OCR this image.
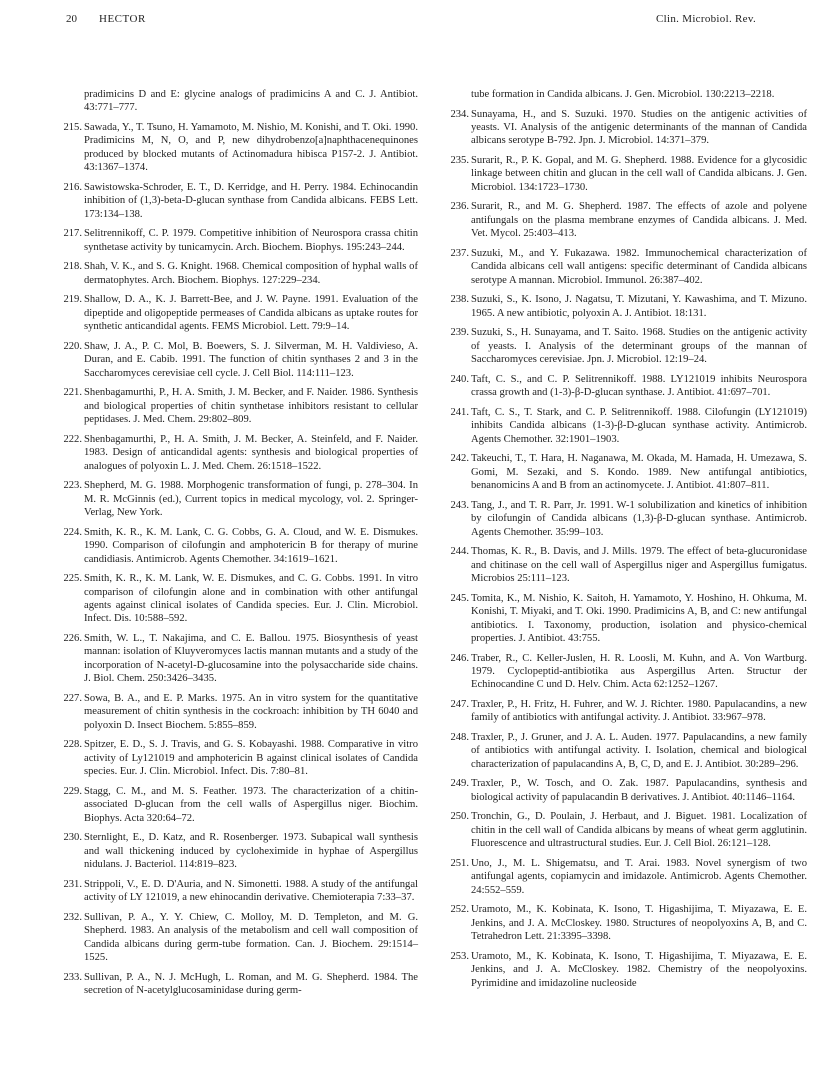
20 HECTOR	Clin. Microbiol. Rev.
pradimicins D and E: glycine analogs of pradimicins A and C. J. Antibiot. 43:771–777.
215. Sawada, Y., T. Tsuno, H. Yamamoto, M. Nishio, M. Konishi, and T. Oki. 1990. Pradimicins M, N, O, and P, new dihydrobenzo[a]naphthacenequinones produced by blocked mutants of Actinomadura hibisca P157-2. J. Antibiot. 43:1367–1374.
216. Sawistowska-Schroder, E. T., D. Kerridge, and H. Perry. 1984. Echinocandin inhibition of (1,3)-beta-D-glucan synthase from Candida albicans. FEBS Lett. 173:134–138.
217. Selitrennikoff, C. P. 1979. Competitive inhibition of Neurospora crassa chitin synthetase activity by tunicamycin. Arch. Biochem. Biophys. 195:243–244.
218. Shah, V. K., and S. G. Knight. 1968. Chemical composition of hyphal walls of dermatophytes. Arch. Biochem. Biophys. 127:229–234.
219. Shallow, D. A., K. J. Barrett-Bee, and J. W. Payne. 1991. Evaluation of the dipeptide and oligopeptide permeases of Candida albicans as uptake routes for synthetic anticandidal agents. FEMS Microbiol. Lett. 79:9–14.
220. Shaw, J. A., P. C. Mol, B. Boewers, S. J. Silverman, M. H. Valdivieso, A. Duran, and E. Cabib. 1991. The function of chitin synthases 2 and 3 in the Saccharomyces cerevisiae cell cycle. J. Cell Biol. 114:111–123.
221. Shenbagamurthi, P., H. A. Smith, J. M. Becker, and F. Naider. 1986. Synthesis and biological properties of chitin synthetase inhibitors resistant to cellular peptidases. J. Med. Chem. 29:802–809.
222. Shenbagamurthi, P., H. A. Smith, J. M. Becker, A. Steinfeld, and F. Naider. 1983. Design of anticandidal agents: synthesis and biological properties of analogues of polyoxin L. J. Med. Chem. 26:1518–1522.
223. Shepherd, M. G. 1988. Morphogenic transformation of fungi, p. 278–304. In M. R. McGinnis (ed.), Current topics in medical mycology, vol. 2. Springer-Verlag, New York.
224. Smith, K. R., K. M. Lank, C. G. Cobbs, G. A. Cloud, and W. E. Dismukes. 1990. Comparison of cilofungin and amphotericin B for therapy of murine candidiasis. Antimicrob. Agents Chemother. 34:1619–1621.
225. Smith, K. R., K. M. Lank, W. E. Dismukes, and C. G. Cobbs. 1991. In vitro comparison of cilofungin alone and in combination with other antifungal agents against clinical isolates of Candida species. Eur. J. Clin. Microbiol. Infect. Dis. 10:588–592.
226. Smith, W. L., T. Nakajima, and C. E. Ballou. 1975. Biosynthesis of yeast mannan: isolation of Kluyveromyces lactis mannan mutants and a study of the incorporation of N-acetyl-D-glucosamine into the polysaccharide side chains. J. Biol. Chem. 250:3426–3435.
227. Sowa, B. A., and E. P. Marks. 1975. An in vitro system for the quantitative measurement of chitin synthesis in the cockroach: inhibition by TH 6040 and polyoxin D. Insect Biochem. 5:855–859.
228. Spitzer, E. D., S. J. Travis, and G. S. Kobayashi. 1988. Comparative in vitro activity of Ly121019 and amphotericin B against clinical isolates of Candida species. Eur. J. Clin. Microbiol. Infect. Dis. 7:80–81.
229. Stagg, C. M., and M. S. Feather. 1973. The characterization of a chitin-associated D-glucan from the cell walls of Aspergillus niger. Biochim. Biophys. Acta 320:64–72.
230. Sternlight, E., D. Katz, and R. Rosenberger. 1973. Subapical wall synthesis and wall thickening induced by cycloheximide in hyphae of Aspergillus nidulans. J. Bacteriol. 114:819–823.
231. Strippoli, V., E. D. D'Auria, and N. Simonetti. 1988. A study of the antifungal activity of LY 121019, a new ehinocandin derivative. Chemioterapia 7:33–37.
232. Sullivan, P. A., Y. Y. Chiew, C. Molloy, M. D. Templeton, and M. G. Shepherd. 1983. An analysis of the metabolism and cell wall composition of Candida albicans during germ-tube formation. Can. J. Biochem. 29:1514–1525.
233. Sullivan, P. A., N. J. McHugh, L. Roman, and M. G. Shepherd. 1984. The secretion of N-acetylglucosaminidase during germ-
tube formation in Candida albicans. J. Gen. Microbiol. 130:2213–2218.
234. Sunayama, H., and S. Suzuki. 1970. Studies on the antigenic activities of yeasts. VI. Analysis of the antigenic determinants of the mannan of Candida albicans serotype B-792. Jpn. J. Microbiol. 14:371–379.
235. Surarit, R., P. K. Gopal, and M. G. Shepherd. 1988. Evidence for a glycosidic linkage between chitin and glucan in the cell wall of Candida albicans. J. Gen. Microbiol. 134:1723–1730.
236. Surarit, R., and M. G. Shepherd. 1987. The effects of azole and polyene antifungals on the plasma membrane enzymes of Candida albicans. J. Med. Vet. Mycol. 25:403–413.
237. Suzuki, M., and Y. Fukazawa. 1982. Immunochemical characterization of Candida albicans cell wall antigens: specific determinant of Candida albicans serotype A mannan. Microbiol. Immunol. 26:387–402.
238. Suzuki, S., K. Isono, J. Nagatsu, T. Mizutani, Y. Kawashima, and T. Mizuno. 1965. A new antibiotic, polyoxin A. J. Antibiot. 18:131.
239. Suzuki, S., H. Sunayama, and T. Saito. 1968. Studies on the antigenic activity of yeasts. I. Analysis of the determinant groups of the mannan of Saccharomyces cerevisiae. Jpn. J. Microbiol. 12:19–24.
240. Taft, C. S., and C. P. Selitrennikoff. 1988. LY121019 inhibits Neurospora crassa growth and (1-3)-β-D-glucan synthase. J. Antibiot. 41:697–701.
241. Taft, C. S., T. Stark, and C. P. Selitrennikoff. 1988. Cilofungin (LY121019) inhibits Candida albicans (1-3)-β-D-glucan synthase activity. Antimicrob. Agents Chemother. 32:1901–1903.
242. Takeuchi, T., T. Hara, H. Naganawa, M. Okada, M. Hamada, H. Umezawa, S. Gomi, M. Sezaki, and S. Kondo. 1989. New antifungal antibiotics, benanomicins A and B from an actinomycete. J. Antibiot. 41:807–811.
243. Tang, J., and T. R. Parr, Jr. 1991. W-1 solubilization and kinetics of inhibition by cilofungin of Candida albicans (1,3)-β-D-glucan synthase. Antimicrob. Agents Chemother. 35:99–103.
244. Thomas, K. R., B. Davis, and J. Mills. 1979. The effect of beta-glucuronidase and chitinase on the cell wall of Aspergillus niger and Aspergillus fumigatus. Microbios 25:111–123.
245. Tomita, K., M. Nishio, K. Saitoh, H. Yamamoto, Y. Hoshino, H. Ohkuma, M. Konishi, T. Miyaki, and T. Oki. 1990. Pradimicins A, B, and C: new antifungal antibiotics. I. Taxonomy, production, isolation and physico-chemical properties. J. Antibiot. 43:755.
246. Traber, R., C. Keller-Juslen, H. R. Loosli, M. Kuhn, and A. Von Wartburg. 1979. Cyclopeptid-antibiotika aus Aspergillus Arten. Structur der Echinocandine C und D. Helv. Chim. Acta 62:1252–1267.
247. Traxler, P., H. Fritz, H. Fuhrer, and W. J. Richter. 1980. Papulacandins, a new family of antibiotics with antifungal activity. J. Antibiot. 33:967–978.
248. Traxler, P., J. Gruner, and J. A. L. Auden. 1977. Papulacandins, a new family of antibiotics with antifungal activity. I. Isolation, chemical and biological characterization of papulacandins A, B, C, D, and E. J. Antibiot. 30:289–296.
249. Traxler, P., W. Tosch, and O. Zak. 1987. Papulacandins, synthesis and biological activity of papulacandin B derivatives. J. Antibiot. 40:1146–1164.
250. Tronchin, G., D. Poulain, J. Herbaut, and J. Biguet. 1981. Localization of chitin in the cell wall of Candida albicans by means of wheat germ agglutinin. Fluorescence and ultrastructural studies. Eur. J. Cell Biol. 26:121–128.
251. Uno, J., M. L. Shigematsu, and T. Arai. 1983. Novel synergism of two antifungal agents, copiamycin and imidazole. Antimicrob. Agents Chemother. 24:552–559.
252. Uramoto, M., K. Kobinata, K. Isono, T. Higashijima, T. Miyazawa, E. E. Jenkins, and J. A. McCloskey. 1980. Structures of neopolyoxins A, B, and C. Tetrahedron Lett. 21:3395–3398.
253. Uramoto, M., K. Kobinata, K. Isono, T. Higashijima, T. Miyazawa, E. E. Jenkins, and J. A. McCloskey. 1982. Chemistry of the neopolyoxins. Pyrimidine and imidazoline nucleoside
